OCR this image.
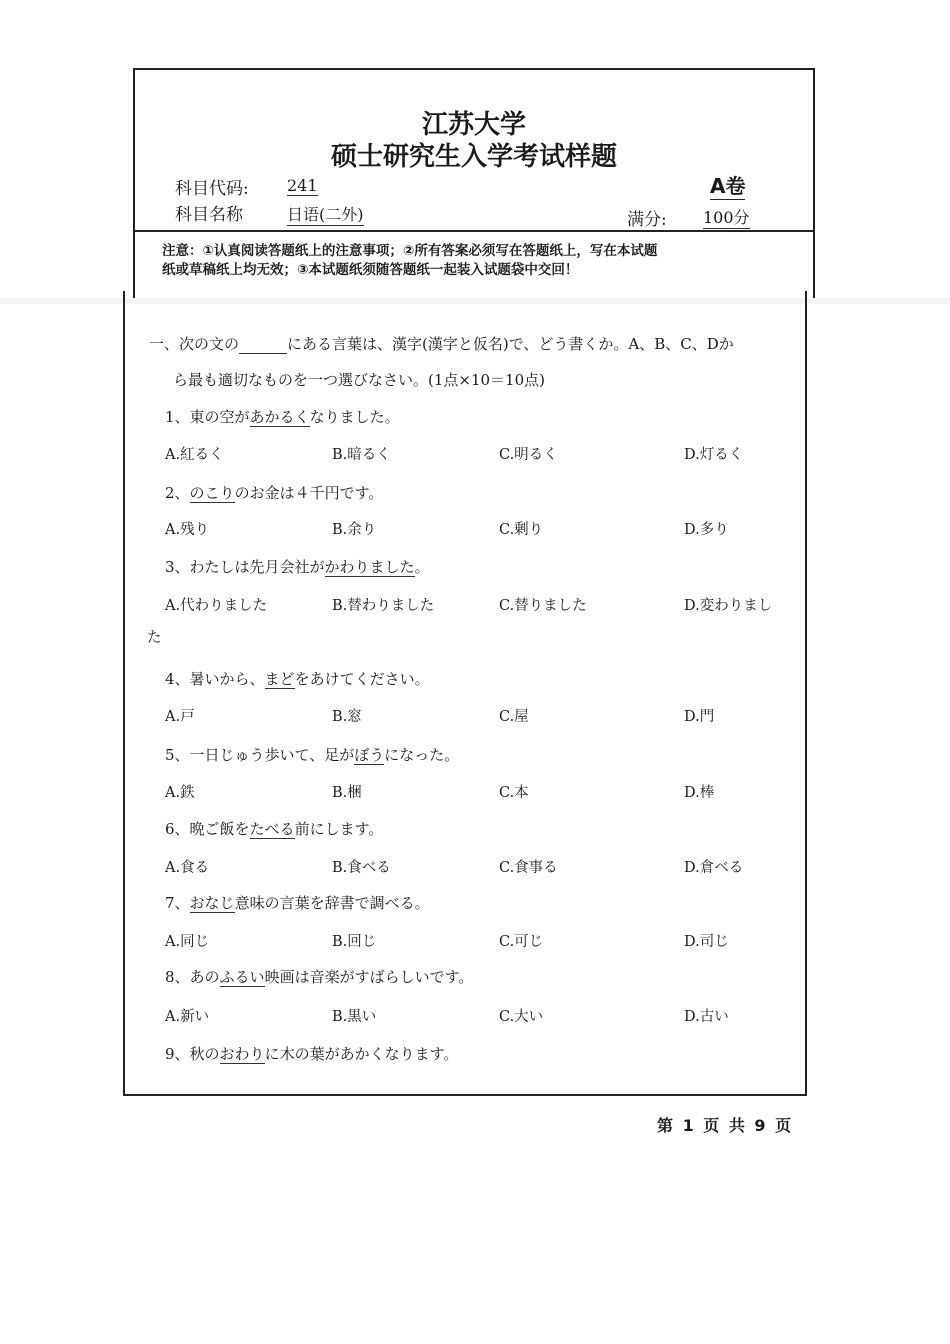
江苏大学
硕士研究生入学考试样题
科目代码: 241	A卷
科目名称	日语(二外)	满分: 100分
注意：①认真阅读答题纸上的注意事项；②所有答案必须写在答题纸上，写在本试题
纸或草稿纸上均无效；③本试题纸须随答题纸一起装入试题袋中交回！
一、次の文の	にある言葉は、漢字(漢字と仮名)で、どう書くか。A、B、C、Dか
ら最も適切なものを一つ選びなさい。(1点×10＝10点)
1、東の空があかるくなりました。
A.紅るく	B.暗るく	C.明るく	D.灯るく
2、のこりのお金は４千円です。
A.残り	B.余り	C.剰り	D.多り
3、わたしは先月会社がかわりました。
A.代わりました	B.替わりました	C.替りました	D.変わりまし
た
4、暑いから、まどをあけてください。
A.戸	B.窓	C.屋	D.門
5、一日じゅう歩いて、足がぼうになった。
A.鉄	B.梱	C.本	D.棒
6、晩ご飯をたべる前にします。
A.食る	B.食べる	C.食事る	D.倉べる
7、おなじ意味の言葉を辞書で調べる。
A.同じ	B.回じ	C.可じ	D.司じ
8、あのふるい映画は音楽がすばらしいです。
A.新い	B.黒い	C.大い	D.古い
9、秋のおわりに木の葉があかくなります。
第 1 页 共 9 页
